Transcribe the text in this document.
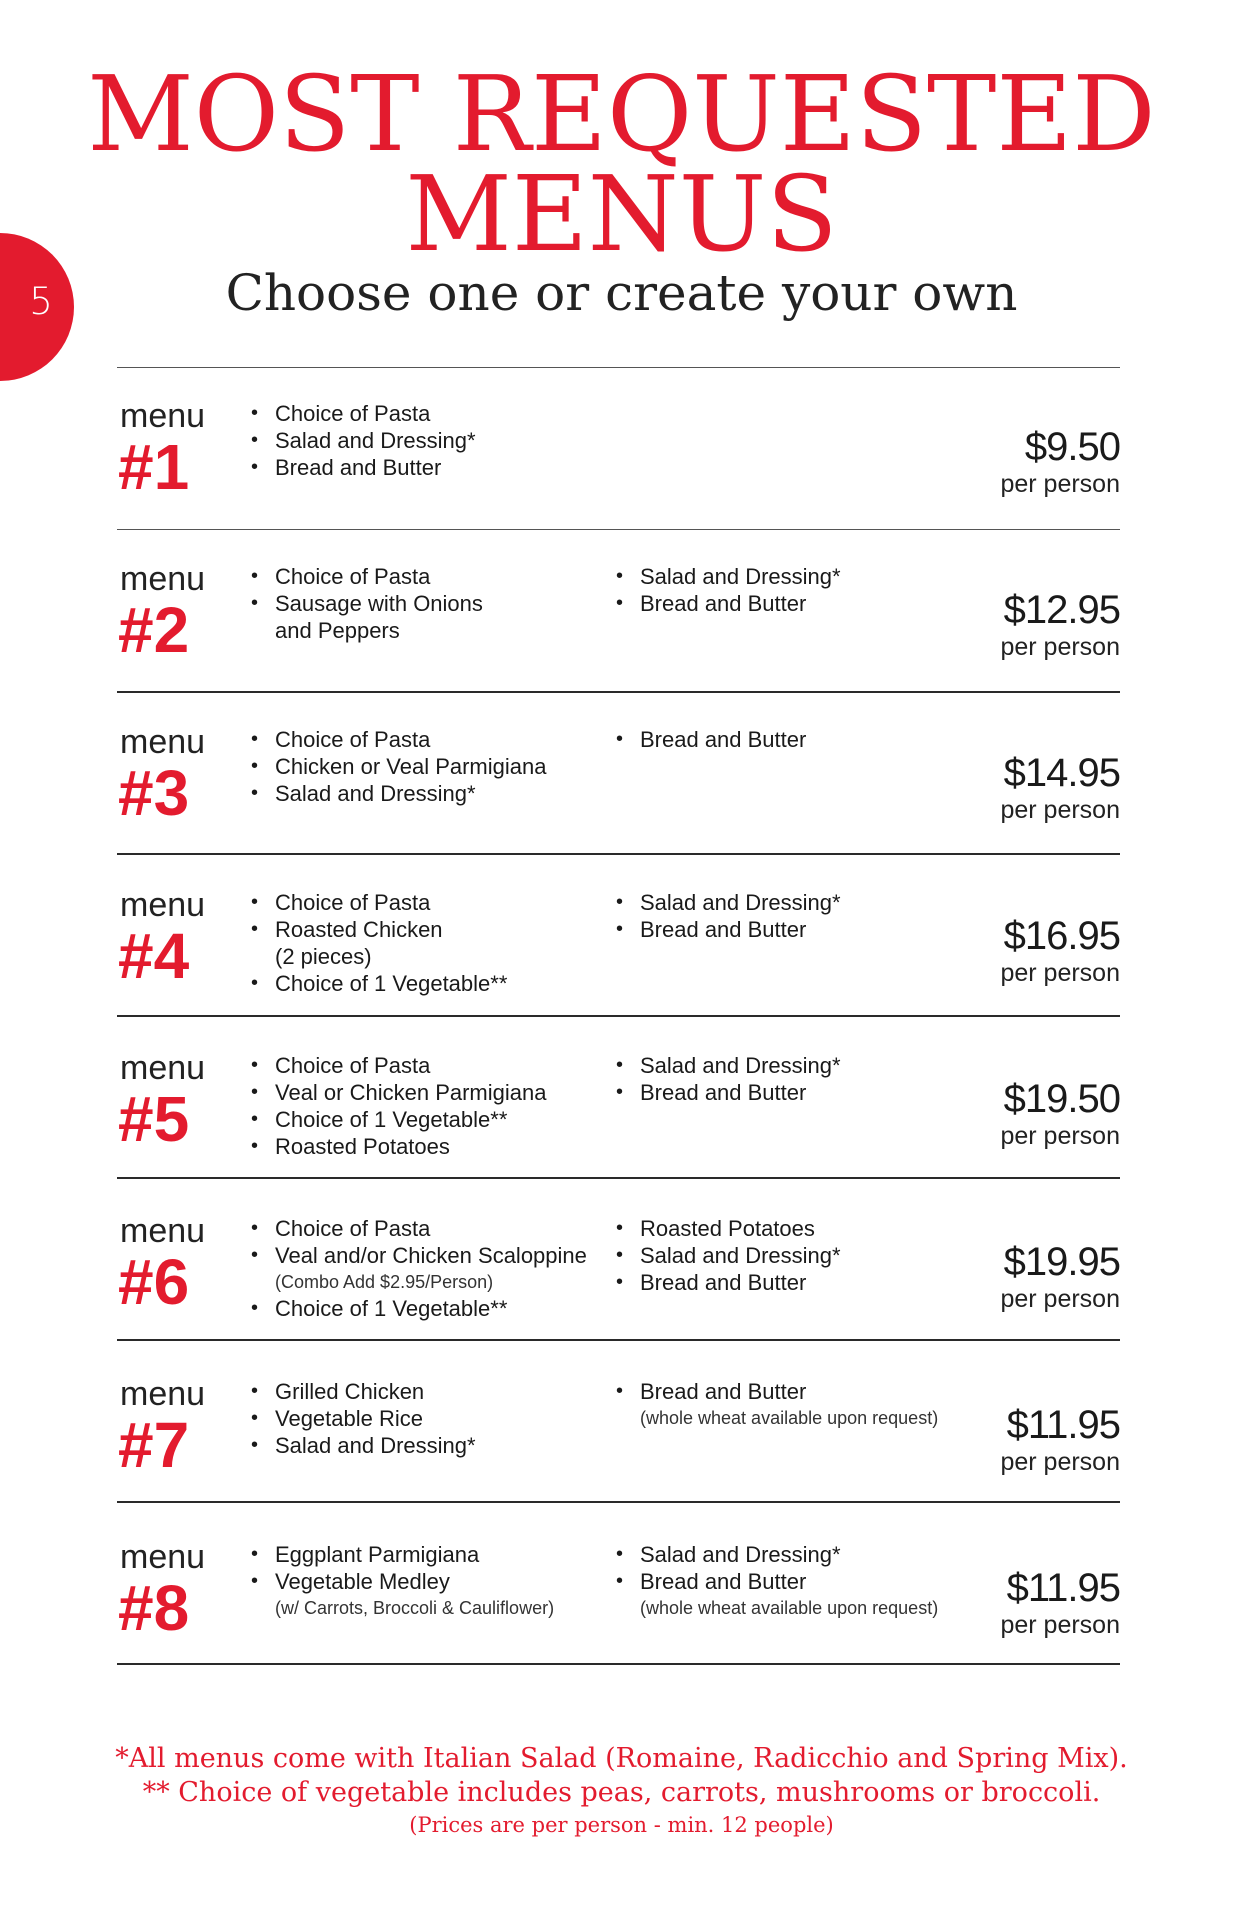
5
MOST REQUESTED
MENUS
Choose one or create your own
menu
#1
• Choice of Pasta
• Salad and Dressing*
• Bread and Butter	$9.50
per person
menu
#2
• Choice of Pasta
• Sausage with Onions
and Peppers
• Salad and Dressing*
• Bread and Butter	$12.95
per person
menu
#3
• Choice of Pasta
• Chicken or Veal Parmigiana
• Salad and Dressing*
• Bread and Butter
$14.95
per person
menu
#4
• Choice of Pasta
• Roasted Chicken
(2 pieces)
• Choice of 1 Vegetable**
• Salad and Dressing*
• Bread and Butter	$16.95
per person
menu
#5
• Choice of Pasta
• Veal or Chicken Parmigiana
• Choice of 1 Vegetable**
• Roasted Potatoes
• Salad and Dressing*
• Bread and Butter	$19.50
per person
menu
#6
• Choice of Pasta
• Veal and/or Chicken Scaloppine
(Combo Add $2.95/Person)
• Choice of 1 Vegetable**
• Roasted Potatoes
• Salad and Dressing*
• Bread and Butter	$19.95
per person
menu
#7
• Grilled Chicken
• Vegetable Rice
• Salad and Dressing*
• Bread and Butter
(whole wheat available upon request) $11.95
per person
menu
#8
• Eggplant Parmigiana
• Vegetable Medley
(w/ Carrots, Broccoli & Cauliflower)
• Salad and Dressing*
• Bread and Butter
(whole wheat available upon request) $11.95
per person
*All menus come with Italian Salad (Romaine, Radicchio and Spring Mix).
** Choice of vegetable includes peas, carrots, mushrooms or broccoli.
(Prices are per person - min. 12 people)
